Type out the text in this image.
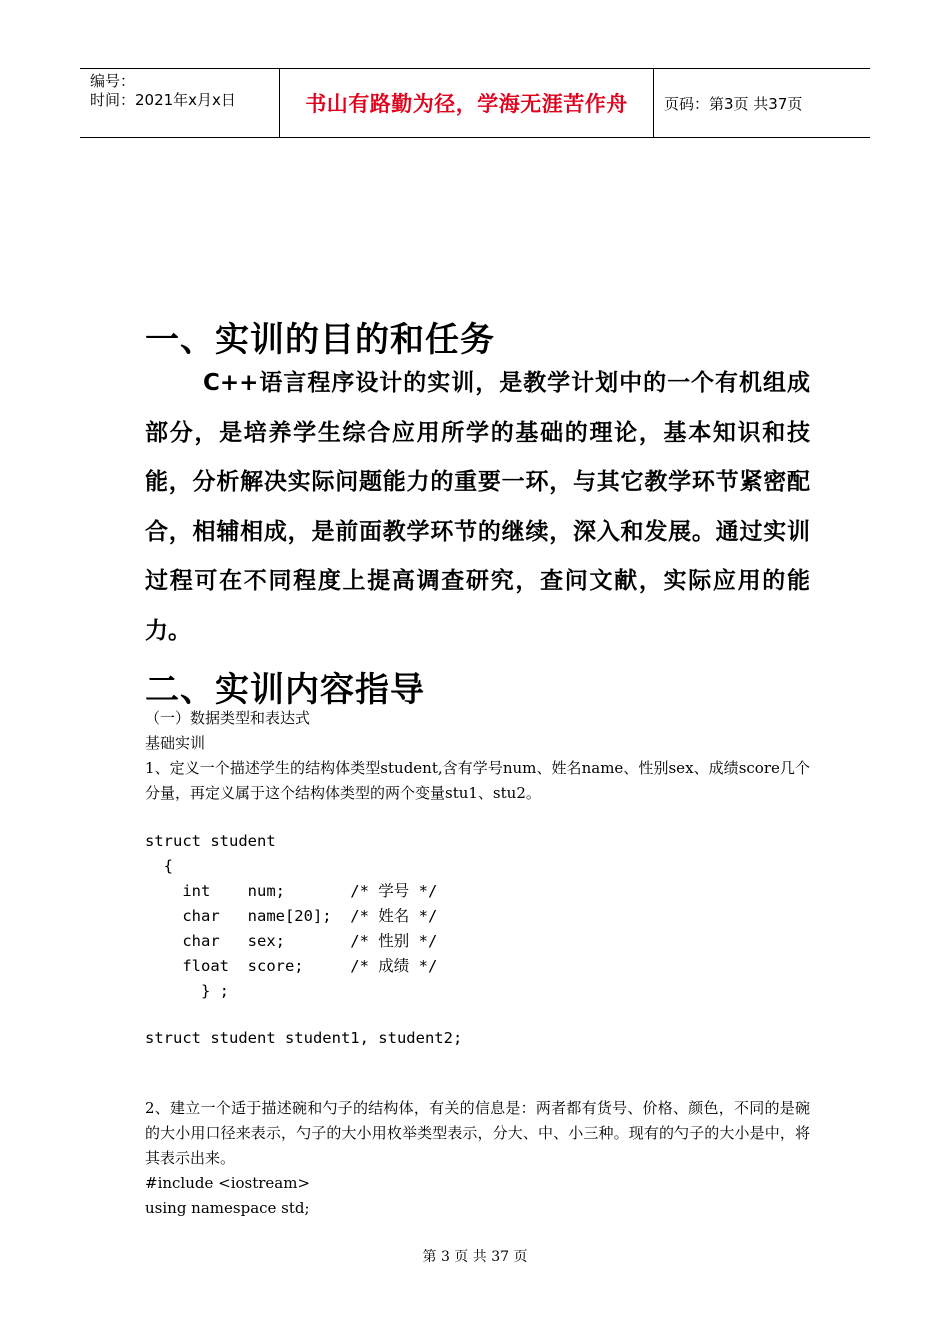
编号：
时间：2021年x月x日	书山有路勤为径，学海无涯苦作舟	页码：第3页 共37页
一、实训的目的和任务
C++语言程序设计的实训，是教学计划中的一个有机组成部分，是培养学生综合应用所学的基础的理论，基本知识和技能，分析解决实际问题能力的重要一环，与其它教学环节紧密配合，相辅相成，是前面教学环节的继续，深入和发展。通过实训过程可在不同程度上提高调查研究，查问文献，实际应用的能力。
二、实训内容指导
（一）数据类型和表达式
基础实训
1、定义一个描述学生的结构体类型student,含有学号num、姓名name、性别sex、成绩score几个分量，再定义属于这个结构体类型的两个变量stu1、stu2。
struct student
{
int    num;       /* 学号 */
char   name[20];  /* 姓名 */
char   sex;       /* 性别 */
float  score;     /* 成绩 */
} ;
struct student student1, student2;
2、建立一个适于描述碗和勺子的结构体，有关的信息是：两者都有货号、价格、颜色，不同的是碗的大小用口径来表示，勺子的大小用枚举类型表示，分大、中、小三种。现有的勺子的大小是中，将其表示出来。
#include <iostream>
using namespace std;
第 3 页 共 37 页
